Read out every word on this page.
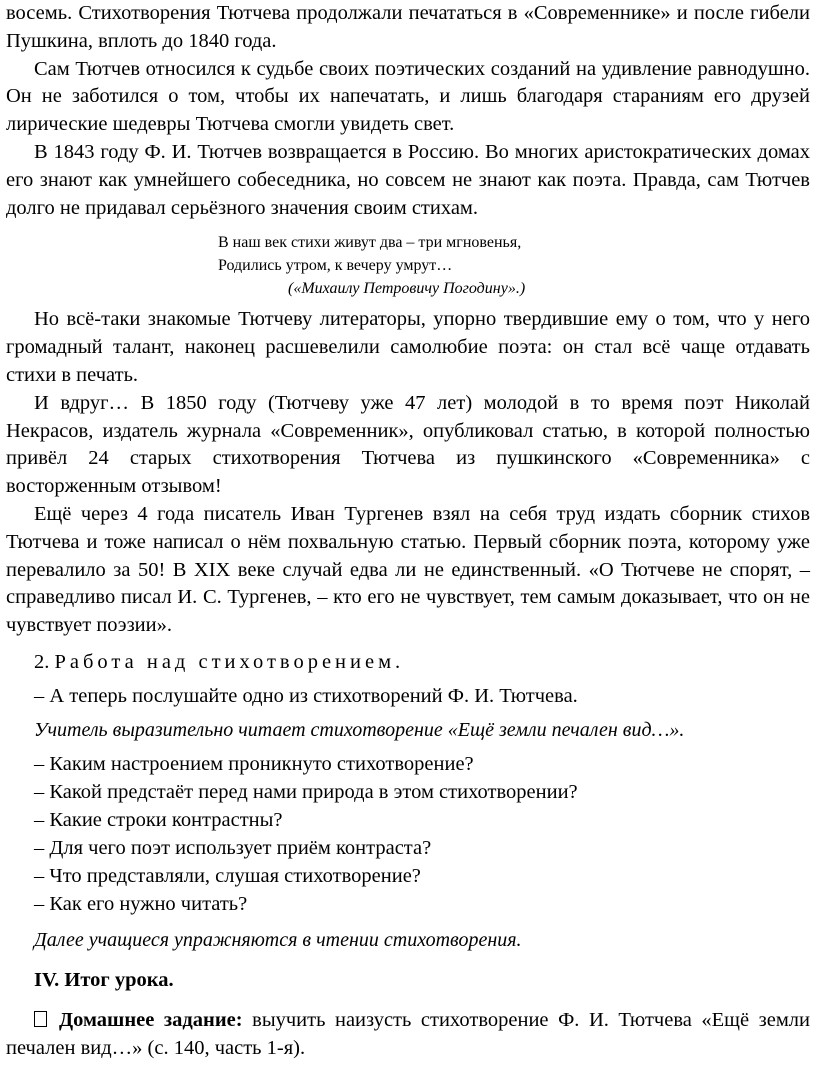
восемь. Стихотворения Тютчева продолжали печататься в «Современнике» и после гибели Пушкина, вплоть до 1840 года.

Сам Тютчев относился к судьбе своих поэтических созданий на удивление равнодушно. Он не заботился о том, чтобы их напечатать, и лишь благодаря стараниям его друзей лирические шедевры Тютчева смогли увидеть свет.

В 1843 году Ф. И. Тютчев возвращается в Россию. Во многих аристократических домах его знают как умнейшего собеседника, но совсем не знают как поэта. Правда, сам Тютчев долго не придавал серьёзного значения своим стихам.

В наш век стихи живут два – три мгновенья,
Родились утром, к вечеру умрут…
(«Михаилу Петровичу Погодину».)

Но всё-таки знакомые Тютчеву литераторы, упорно твердившие ему о том, что у него громадный талант, наконец расшевелили самолюбие поэта: он стал всё чаще отдавать стихи в печать.

И вдруг… В 1850 году (Тютчеву уже 47 лет) молодой в то время поэт Николай Некрасов, издатель журнала «Современник», опубликовал статью, в которой полностью привёл 24 старых стихотворения Тютчева из пушкинского «Современника» с восторженным отзывом!

Ещё через 4 года писатель Иван Тургенев взял на себя труд издать сборник стихов Тютчева и тоже написал о нём похвальную статью. Первый сборник поэта, которому уже перевалило за 50! В XIX веке случай едва ли не единственный. «О Тютчеве не спорят, – справедливо писал И. С. Тургенев, – кто его не чувствует, тем самым доказывает, что он не чувствует поэзии».

2. Работа над стихотворением.
– А теперь послушайте одно из стихотворений Ф. И. Тютчева.
Учитель выразительно читает стихотворение «Ещё земли печален вид…».
– Каким настроением проникнуто стихотворение?
– Какой предстаёт перед нами природа в этом стихотворении?
– Какие строки контрастны?
– Для чего поэт использует приём контраста?
– Что представляли, слушая стихотворение?
– Как его нужно читать?
Далее учащиеся упражняются в чтении стихотворения.
IV. Итог урока.

Домашнее задание: выучить наизусть стихотворение Ф. И. Тютчева «Ещё земли печален вид…» (с. 140, часть 1-я).
